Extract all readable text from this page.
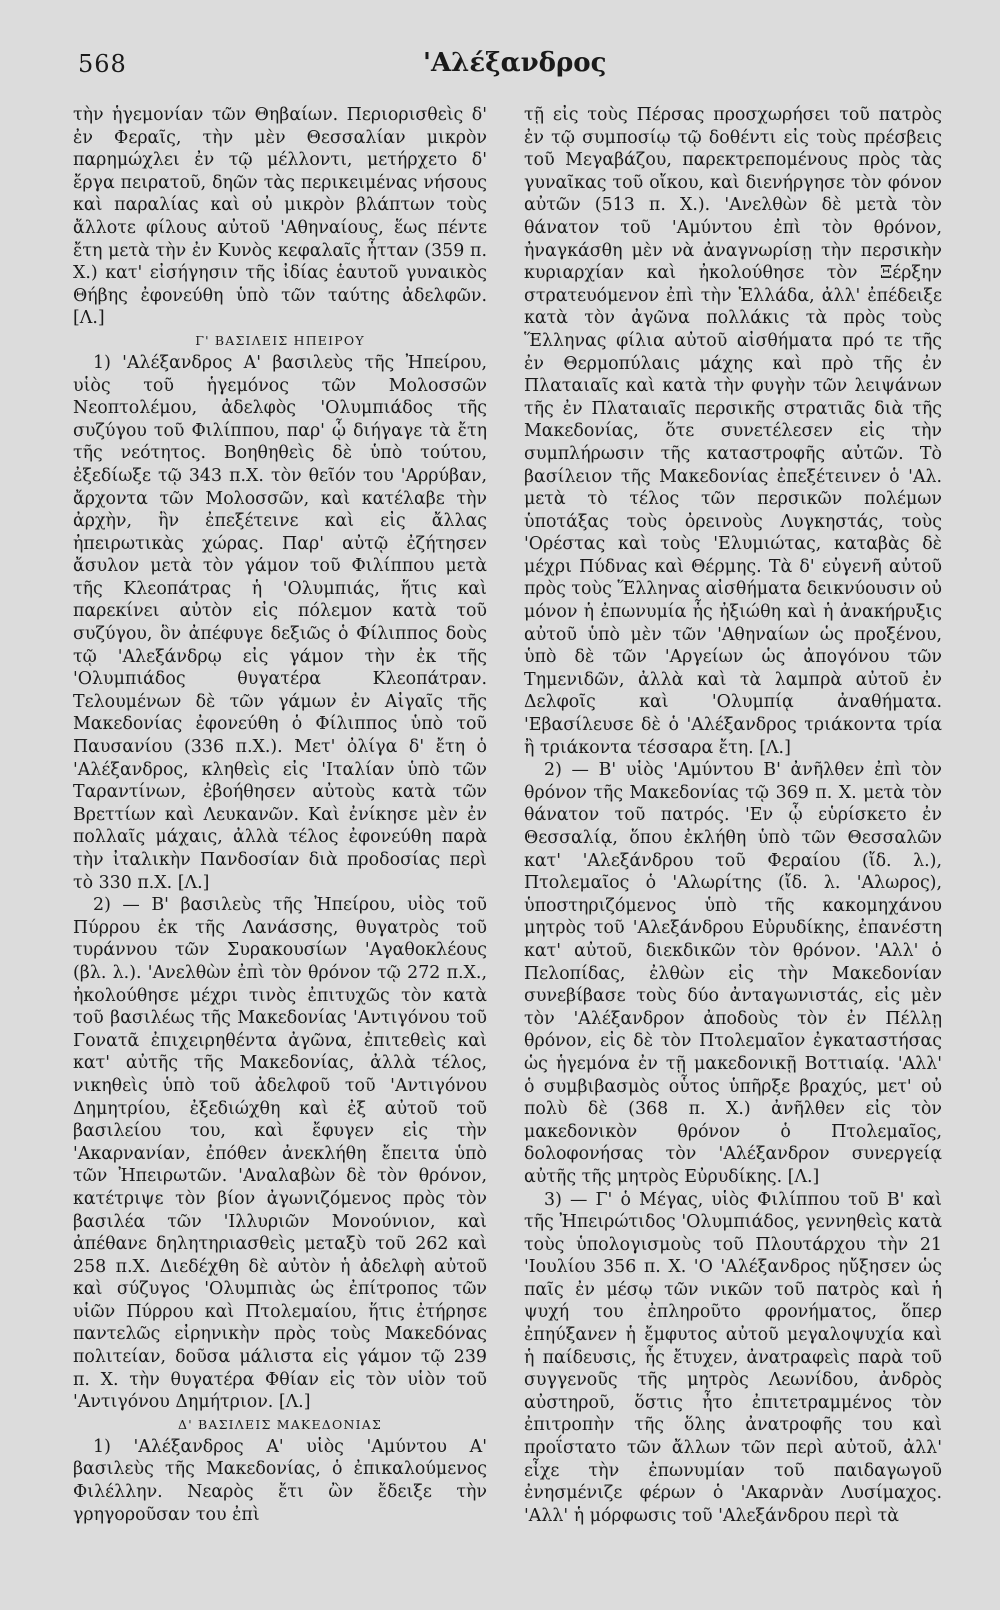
568	'Αλέξανδρος

τὴν ἡγεμονίαν τῶν Θηβαίων. Περιορισθεὶς δ' ἐν Φεραῖς, τὴν μὲν Θεσσαλίαν μικρὸν παρημώχλει ἐν τῷ μέλλοντι, μετήρχετο δ' ἔργα πειρατοῦ, δηῶν τὰς περικειμένας νήσους καὶ παραλίας καὶ οὐ μικρὸν βλάπτων τοὺς ἄλλοτε φίλους αὐτοῦ 'Αθηναίους, ἕως πέντε ἔτη μετὰ τὴν ἐν Κυνὸς κεφαλαῖς ἧτταν (359 π. Χ.) κατ' εἰσήγησιν τῆς ἰδίας ἑαυτοῦ γυναικὸς Θήβης ἐφονεύθη ὑπὸ τῶν ταύτης ἀδελφῶν. [Λ.]

Γ' ΒΑΣΙΛΕΙΣ ΗΠΕΙΡΟΥ

1) 'Αλέξανδρος Α' βασιλεὺς τῆς Ἠπείρου, υἱὸς τοῦ ἡγεμόνος τῶν Μολοσσῶν Νεοπτολέμου, ἀδελφὸς 'Ολυμπιάδος τῆς συζύγου τοῦ Φιλίππου, παρ' ᾧ διήγαγε τὰ ἔτη τῆς νεότητος. Βοηθηθεὶς δὲ ὑπὸ τούτου, ἐξεδίωξε τῷ 343 π.Χ. τὸν θεῖόν του 'Αρρύβαν, ἄρχοντα τῶν Μολοσσῶν, καὶ κατέλαβε τὴν ἀρχὴν, ἣν ἐπεξέτεινε καὶ εἰς ἄλλας ἠπειρωτικὰς χώρας. Παρ' αὐτῷ ἐζήτησεν ἄσυλον μετὰ τὸν γάμον τοῦ Φιλίππου μετὰ τῆς Κλεοπάτρας ἡ 'Ολυμπιάς, ἥτις καὶ παρεκίνει αὐτὸν εἰς πόλεμον κατὰ τοῦ συζύγου, ὃν ἀπέφυγε δεξιῶς ὁ Φίλιππος δοὺς τῷ 'Αλεξάνδρῳ εἰς γάμον τὴν ἐκ τῆς 'Ολυμπιάδος θυγατέρα Κλεοπάτραν. Τελουμένων δὲ τῶν γάμων ἐν Αἰγαῖς τῆς Μακεδονίας ἐφονεύθη ὁ Φίλιππος ὑπὸ τοῦ Παυσανίου (336 π.Χ.). Μετ' ὀλίγα δ' ἔτη ὁ 'Αλέξανδρος, κληθεὶς εἰς 'Ιταλίαν ὑπὸ τῶν Ταραντίνων, ἐβοήθησεν αὐτοὺς κατὰ τῶν Βρεττίων καὶ Λευκανῶν. Καὶ ἐνίκησε μὲν ἐν πολλαῖς μάχαις, ἀλλὰ τέλος ἐφονεύθη παρὰ τὴν ἰταλικὴν Πανδοσίαν διὰ προδοσίας περὶ τὸ 330 π.Χ. [Λ.]

2) — Β' βασιλεὺς τῆς Ἠπείρου, υἱὸς τοῦ Πύρρου ἐκ τῆς Λανάσσης, θυγατρὸς τοῦ τυράννου τῶν Συρακουσίων 'Αγαθοκλέους (βλ. λ.). 'Ανελθὼν ἐπὶ τὸν θρόνον τῷ 272 π.Χ., ἠκολούθησε μέχρι τινὸς ἐπιτυχῶς τὸν κατὰ τοῦ βασιλέως τῆς Μακεδονίας 'Αντιγόνου τοῦ Γονατᾶ ἐπιχειρηθέντα ἀγῶνα, ἐπιτεθεὶς καὶ κατ' αὐτῆς τῆς Μακεδονίας, ἀλλὰ τέλος, νικηθεὶς ὑπὸ τοῦ ἀδελφοῦ τοῦ 'Αντιγόνου Δημητρίου, ἐξεδιώχθη καὶ ἐξ αὐτοῦ τοῦ βασιλείου του, καὶ ἔφυγεν εἰς τὴν 'Ακαρνανίαν, ἐπόθεν ἀνεκλήθη ἔπειτα ὑπὸ τῶν Ἠπειρωτῶν. 'Αναλαβὼν δὲ τὸν θρόνον, κατέτριψε τὸν βίον ἀγωνιζόμενος πρὸς τὸν βασιλέα τῶν 'Ιλλυριῶν Μονούνιον, καὶ ἀπέθανε δηλητηριασθεὶς μεταξὺ τοῦ 262 καὶ 258 π.Χ. Διεδέχθη δὲ αὐτὸν ἡ ἀδελφὴ αὐτοῦ καὶ σύζυγος 'Ολυμπιὰς ὡς ἐπίτροπος τῶν υἱῶν Πύρρου καὶ Πτολεμαίου, ἥτις ἐτήρησε παντελῶς εἰρηνικὴν πρὸς τοὺς Μακεδόνας πολιτείαν, δοῦσα μάλιστα εἰς γάμον τῷ 239 π. Χ. τὴν θυγατέρα Φθίαν εἰς τὸν υἱὸν τοῦ 'Αντιγόνου Δημήτριον. [Λ.]

Δ' ΒΑΣΙΛΕΙΣ ΜΑΚΕΔΟΝΙΑΣ

1) 'Αλέξανδρος Α' υἱὸς 'Αμύντου Α' βασιλεὺς τῆς Μακεδονίας, ὁ ἐπικαλούμενος Φιλέλλην. Νεαρὸς ἔτι ὢν ἔδειξε τὴν γρηγοροῦσαν του ἐπὶ

τῇ εἰς τοὺς Πέρσας προσχωρήσει τοῦ πατρὸς ἐν τῷ συμποσίῳ τῷ δοθέντι εἰς τοὺς πρέσβεις τοῦ Μεγαβάζου, παρεκτρεπομένους πρὸς τὰς γυναῖκας τοῦ οἴκου, καὶ διενήργησε τὸν φόνον αὐτῶν (513 π. Χ.). 'Ανελθὼν δὲ μετὰ τὸν θάνατον τοῦ 'Αμύντου ἐπὶ τὸν θρόνον, ἠναγκάσθη μὲν νὰ ἀναγνωρίσῃ τὴν περσικὴν κυριαρχίαν καὶ ἠκολούθησε τὸν Ξέρξην στρατευόμενον ἐπὶ τὴν Ἑλλάδα, ἀλλ' ἐπέδειξε κατὰ τὸν ἀγῶνα πολλάκις τὰ πρὸς τοὺς Ἕλληνας φίλια αὐτοῦ αἰσθήματα πρό τε τῆς ἐν Θερμοπύλαις μάχης καὶ πρὸ τῆς ἐν Πλαταιαῖς καὶ κατὰ τὴν φυγὴν τῶν λειψάνων τῆς ἐν Πλαταιαῖς περσικῆς στρατιᾶς διὰ τῆς Μακεδονίας, ὅτε συνετέλεσεν εἰς τὴν συμπλήρωσιν τῆς καταστροφῆς αὐτῶν. Τὸ βασίλειον τῆς Μακεδονίας ἐπεξέτεινεν ὁ 'Αλ. μετὰ τὸ τέλος τῶν περσικῶν πολέμων ὑποτάξας τοὺς ὀρεινοὺς Λυγκηστάς, τοὺς 'Ορέστας καὶ τοὺς 'Ελυμιώτας, καταβὰς δὲ μέχρι Πύδνας καὶ Θέρμης. Τὰ δ' εὐγενῆ αὐτοῦ πρὸς τοὺς Ἕλληνας αἰσθήματα δεικνύουσιν οὐ μόνον ἡ ἐπωνυμία ἧς ἠξιώθη καὶ ἡ ἀνακήρυξις αὐτοῦ ὑπὸ μὲν τῶν 'Αθηναίων ὡς προξένου, ὑπὸ δὲ τῶν 'Αργείων ὡς ἀπογόνου τῶν Τημενιδῶν, ἀλλὰ καὶ τὰ λαμπρὰ αὐτοῦ ἐν Δελφοῖς καὶ 'Ολυμπίᾳ ἀναθήματα. 'Εβασίλευσε δὲ ὁ 'Αλέξανδρος τριάκοντα τρία ἢ τριάκοντα τέσσαρα ἔτη. [Λ.]

2) — Β' υἱὸς 'Αμύντου Β' ἀνῆλθεν ἐπὶ τὸν θρόνον τῆς Μακεδονίας τῷ 369 π. Χ. μετὰ τὸν θάνατον τοῦ πατρός. 'Εν ᾧ εὑρίσκετο ἐν Θεσσαλίᾳ, ὅπου ἐκλήθη ὑπὸ τῶν Θεσσαλῶν κατ' 'Αλεξάνδρου τοῦ Φεραίου (ἴδ. λ.), Πτολεμαῖος ὁ 'Αλωρίτης (ἴδ. λ. 'Αλωρος), ὑποστηριζόμενος ὑπὸ τῆς κακομηχάνου μητρὸς τοῦ 'Αλεξάνδρου Εὐρυδίκης, ἐπανέστη κατ' αὐτοῦ, διεκδικῶν τὸν θρόνον. 'Αλλ' ὁ Πελοπίδας, ἐλθὼν εἰς τὴν Μακεδονίαν συνεβίβασε τοὺς δύο ἀνταγωνιστάς, εἰς μὲν τὸν 'Αλέξανδρον ἀποδοὺς τὸν ἐν Πέλλῃ θρόνον, εἰς δὲ τὸν Πτολεμαῖον ἐγκαταστήσας ὡς ἡγεμόνα ἐν τῇ μακεδονικῇ Βοττιαίᾳ. 'Αλλ' ὁ συμβιβασμὸς οὗτος ὑπῆρξε βραχύς, μετ' οὐ πολὺ δὲ (368 π. Χ.) ἀνῆλθεν εἰς τὸν μακεδονικὸν θρόνον ὁ Πτολεμαῖος, δολοφονήσας τὸν 'Αλέξανδρον συνεργείᾳ αὐτῆς τῆς μητρὸς Εὐρυδίκης. [Λ.]

3) — Γ' ὁ Μέγας, υἱὸς Φιλίππου τοῦ Β' καὶ τῆς Ἠπειρώτιδος 'Ολυμπιάδος, γεννηθεὶς κατὰ τοὺς ὑπολογισμοὺς τοῦ Πλουτάρχου τὴν 21 'Ιουλίου 356 π. Χ. 'Ο 'Αλέξανδρος ηὔξησεν ὡς παῖς ἐν μέσῳ τῶν νικῶν τοῦ πατρὸς καὶ ἡ ψυχή του ἐπληροῦτο φρονήματος, ὅπερ ἐπηύξανεν ἡ ἔμφυτος αὐτοῦ μεγαλοψυχία καὶ ἡ παίδευσις, ἧς ἔτυχεν, ἀνατραφεὶς παρὰ τοῦ συγγενοῦς τῆς μητρὸς Λεωνίδου, ἀνδρὸς αὐστηροῦ, ὅστις ἦτο ἐπιτετραμμένος τὸν ἐπιτροπὴν τῆς ὅλης ἀνατροφῆς του καὶ προΐστατο τῶν ἄλλων τῶν περὶ αὐτοῦ, ἀλλ' εἶχε τὴν ἐπωνυμίαν τοῦ παιδαγωγοῦ ἐνησμένιζε φέρων ὁ 'Ακαρνὰν Λυσίμαχος. 'Αλλ' ἡ μόρφωσις τοῦ 'Αλεξάνδρου περὶ τὰ
